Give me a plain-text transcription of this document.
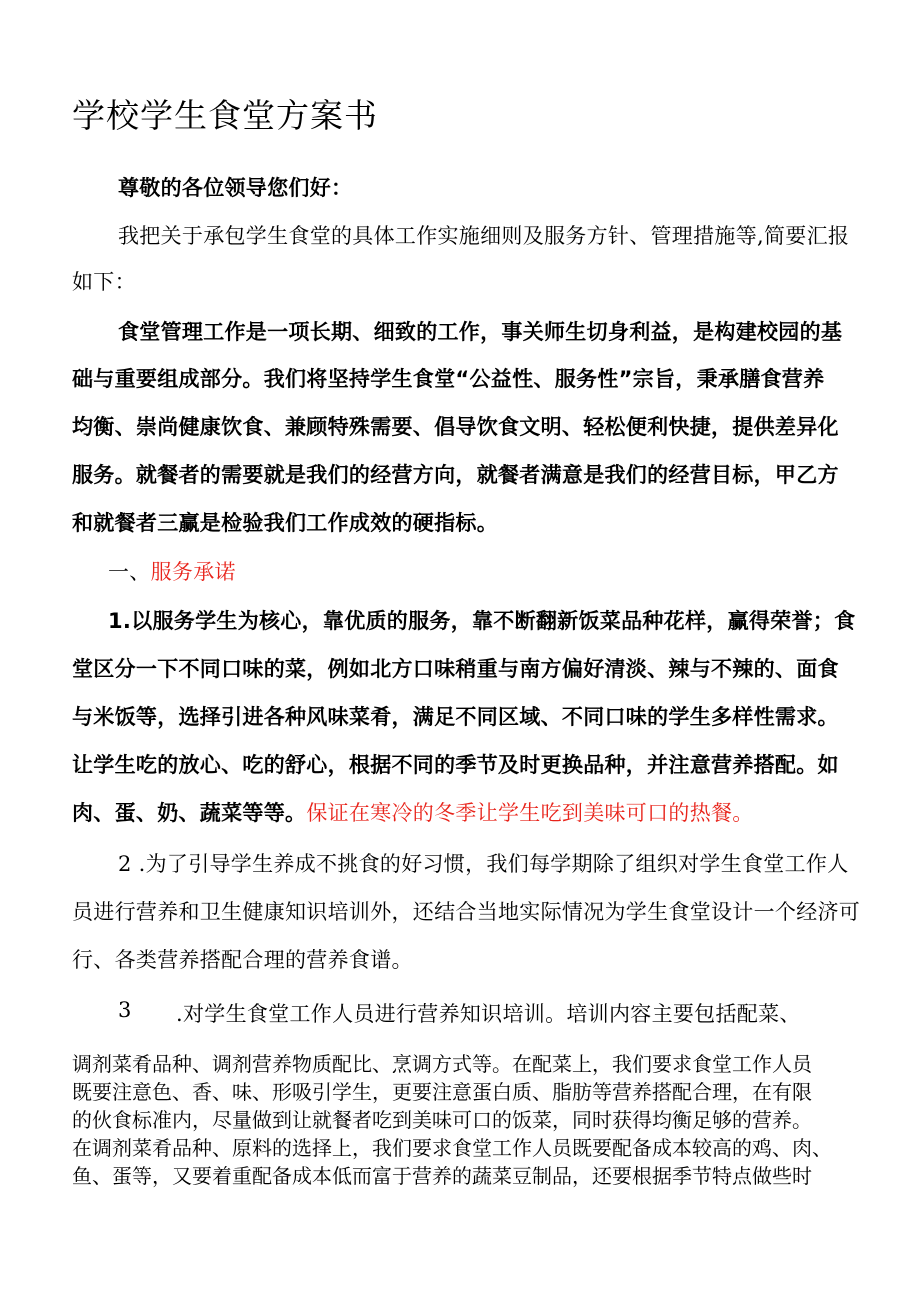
学校学生食堂方案书
尊敬的各位领导您们好：
我把关于承包学生食堂的具体工作实施细则及服务方针、管理措施等,简要汇报
如下：
食堂管理工作是一项长期、细致的工作，事关师生切身利益，是构建校园的基
础与重要组成部分。我们将坚持学生食堂“公益性、服务性”宗旨，秉承膳食营养
均衡、崇尚健康饮食、兼顾特殊需要、倡导饮食文明、轻松便利快捷，提供差异化
服务。就餐者的需要就是我们的经营方向，就餐者满意是我们的经营目标，甲乙方
和就餐者三赢是检验我们工作成效的硬指标。
一、服务承诺
1.以服务学生为核心，靠优质的服务，靠不断翻新饭菜品种花样，赢得荣誉；食
堂区分一下不同口味的菜，例如北方口味稍重与南方偏好清淡、辣与不辣的、面食
与米饭等，选择引进各种风味菜肴，满足不同区域、不同口味的学生多样性需求。
让学生吃的放心、吃的舒心，根据不同的季节及时更换品种，并注意营养搭配。如
肉、蛋、奶、蔬菜等等。保证在寒冷的冬季让学生吃到美味可口的热餐。
2 .为了引导学生养成不挑食的好习惯，我们每学期除了组织对学生食堂工作人
员进行营养和卫生健康知识培训外，还结合当地实际情况为学生食堂设计一个经济可
行、各类营养搭配合理的营养食谱。
3 .对学生食堂工作人员进行营养知识培训。培训内容主要包括配菜、
调剂菜肴品种、调剂营养物质配比、烹调方式等。在配菜上，我们要求食堂工作人员
既要注意色、香、味、形吸引学生，更要注意蛋白质、脂肪等营养搭配合理，在有限
的伙食标准内，尽量做到让就餐者吃到美味可口的饭菜，同时获得均衡足够的营养。
在调剂菜肴品种、原料的选择上，我们要求食堂工作人员既要配备成本较高的鸡、肉、
鱼、蛋等，又要着重配备成本低而富于营养的蔬菜豆制品，还要根据季节特点做些时
